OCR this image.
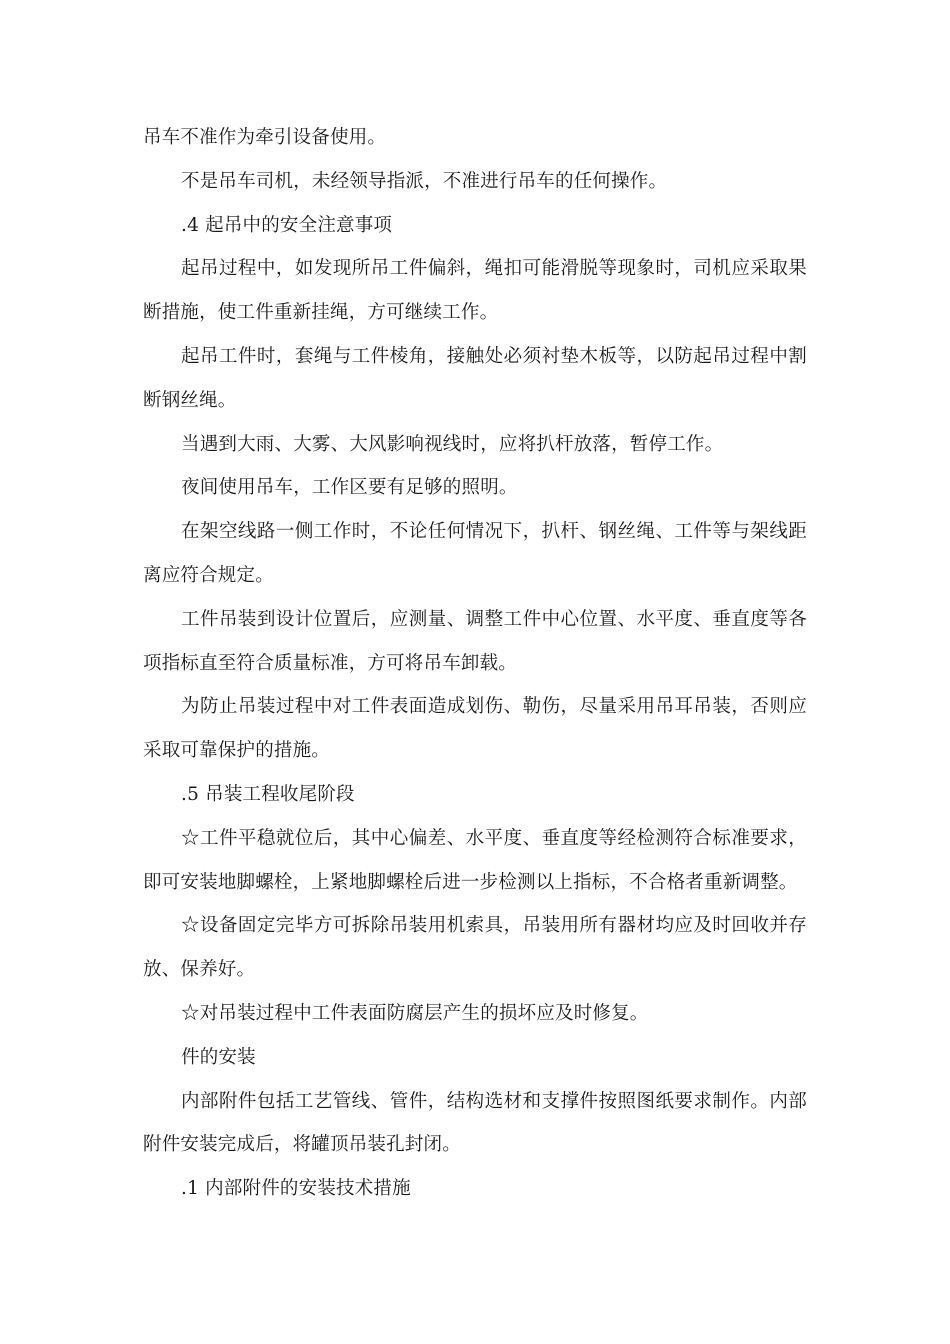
吊车不准作为牵引设备使用。

不是吊车司机，未经领导指派，不准进行吊车的任何操作。

.4 起吊中的安全注意事项

起吊过程中，如发现所吊工件偏斜，绳扣可能滑脱等现象时，司机应采取果断措施，使工件重新挂绳，方可继续工作。

起吊工件时，套绳与工件棱角，接触处必须衬垫木板等，以防起吊过程中割断钢丝绳。

当遇到大雨、大雾、大风影响视线时，应将扒杆放落，暂停工作。

夜间使用吊车，工作区要有足够的照明。

在架空线路一侧工作时，不论任何情况下，扒杆、钢丝绳、工件等与架线距离应符合规定。

工件吊装到设计位置后，应测量、调整工件中心位置、水平度、垂直度等各项指标直至符合质量标准，方可将吊车卸载。

为防止吊装过程中对工件表面造成划伤、勒伤，尽量采用吊耳吊装，否则应采取可靠保护的措施。

.5 吊装工程收尾阶段

☆工件平稳就位后，其中心偏差、水平度、垂直度等经检测符合标准要求，即可安装地脚螺栓，上紧地脚螺栓后进一步检测以上指标，不合格者重新调整。

☆设备固定完毕方可拆除吊装用机索具，吊装用所有器材均应及时回收并存放、保养好。

☆对吊装过程中工件表面防腐层产生的损坏应及时修复。

件的安装

内部附件包括工艺管线、管件，结构选材和支撑件按照图纸要求制作。内部附件安装完成后，将罐顶吊装孔封闭。

.1 内部附件的安装技术措施
